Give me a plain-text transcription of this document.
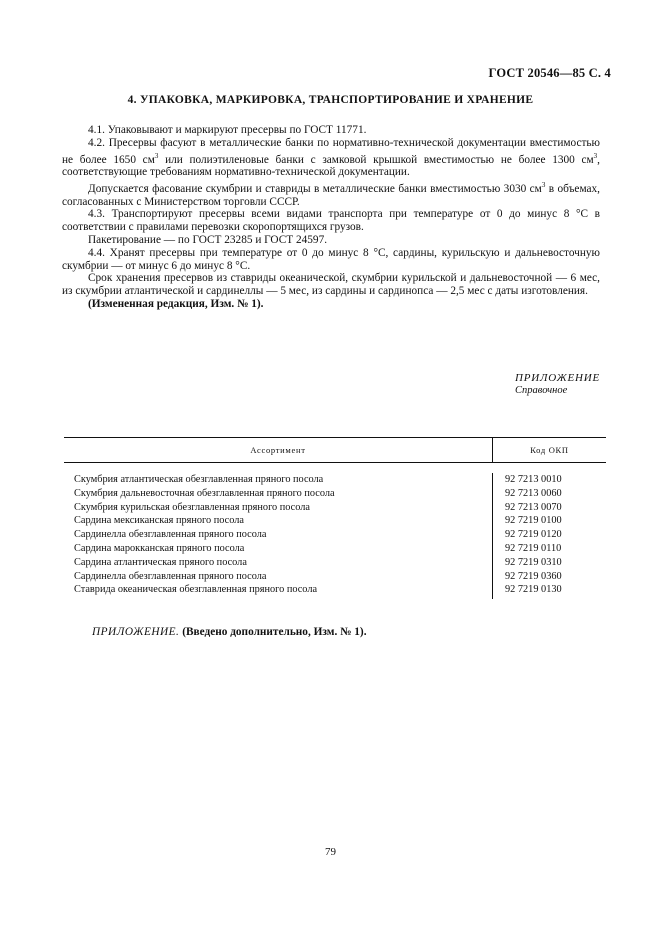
ГОСТ 20546—85 С. 4
4. УПАКОВКА, МАРКИРОВКА, ТРАНСПОРТИРОВАНИЕ И ХРАНЕНИЕ

4.1. Упаковывают и маркируют пресервы по ГОСТ 11771.

4.2. Пресервы фасуют в металлические банки по нормативно-технической документации вместимостью не более 1650 $см^3$ или полиэтиленовые банки с замковой крышкой вместимостью не более 1300 $см^3$, соответствующие требованиям нормативно-технической документации.

Допускается фасование скумбрии и ставриды в металлические банки вместимостью 3030 $см^3$ в объемах, согласованных с Министерством торговли СССР.

4.3. Транспортируют пресервы всеми видами транспорта при температуре от 0 до минус 8 °С в соответствии с правилами перевозки скоропортящихся грузов.

Пакетирование — по ГОСТ 23285 и ГОСТ 24597.

4.4. Хранят пресервы при температуре от 0 до минус 8 °С, сардины, курильскую и дальневосточную скумбрии — от минус 6 до минус 8 °С.

Срок хранения пресервов из ставриды океанической, скумбрии курильской и дальневосточной — 6 мес, из скумбрии атлантической и сардинеллы — 5 мес, из сардины и сардинопса — 2,5 мес с даты изготовления.

(Измененная редакция, Изм. № 1).

ПРИЛОЖЕНИЕ
Справочное
Ассортимент	Код ОКП
Скумбрия атлантическая обезглавленная пряного посола
Скумбрия дальневосточная обезглавленная пряного посола
Скумбрия курильская обезглавленная пряного посола
Сардина мексиканская пряного посола
Сардинелла обезглавленная пряного посола
Сардина марокканская пряного посола
Сардина атлантическая пряного посола
Сардинелла обезглавленная пряного посола
Ставрида океаническая обезглавленная пряного посола
92 7213 0010
92 7213 0060
92 7213 0070
92 7219 0100
92 7219 0120
92 7219 0110
92 7219 0310
92 7219 0360
92 7219 0130
ПРИЛОЖЕНИЕ. (Введено дополнительно, Изм. № 1).
79
